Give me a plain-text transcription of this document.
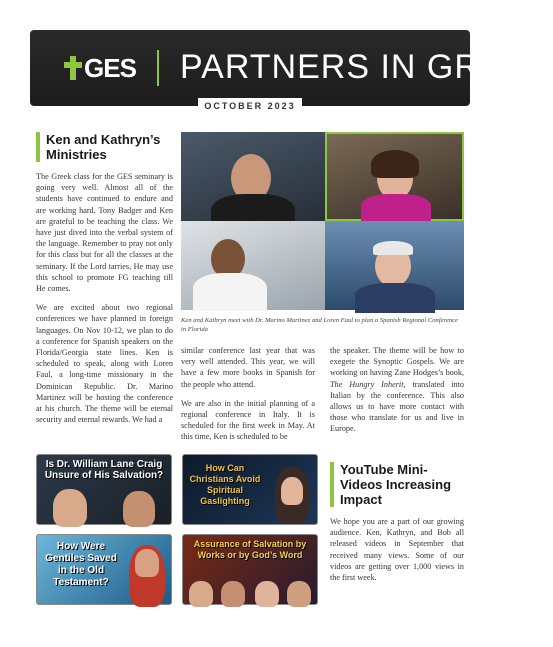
GES PARTNERS IN GRACE
OCTOBER 2023
Ken and Kathryn’s Ministries

The Greek class for the GES seminary is going very well. Almost all of the students have continued to endure and are working hard. Tony Badger and Ken are grateful to be teaching the class. We have just dived into the verbal system of the language. Remember to pray not only for this class but for all the classes at the seminary. If the Lord tarries, He may use this school to promote FG teaching till He comes.

We are excited about two regional conferences we have planned in foreign languages. On Nov 10-12, we plan to do a conference for Spanish speakers on the Florida/Georgia state lines. Ken is scheduled to speak, along with Loren Faul, a long-time missionary in the Dominican Republic. Dr. Marino Martinez will be hosting the conference at his church. The theme will be eternal security and eternal rewards. We had a

Ken and Kathryn meet with Dr. Marino Martinez and Loren Faul to plan a Spanish Regional Conference in Florida

similar conference last year that was very well attended. This year, we will have a few more books in Spanish for the people who attend.

We are also in the initial planning of a regional conference in Italy. It is scheduled for the first week in May. At this time, Ken is scheduled to be

the speaker. The theme will be how to exegete the Synoptic Gospels. We are working on having Zane Hodges’s book, The Hungry Inherit, translated into Italian by the conference. This also allows us to have more contact with those who translate for us and live in Europe.

Is Dr. William Lane Craig Unsure of His Salvation?
How Can Christians Avoid Spiritual Gaslighting
How Were Gentiles Saved in the Old Testament?
Assurance of Salvation by Works or by God’s Word
YouTube Mini-Videos Increasing Impact

We hope you are a part of our growing audience. Ken, Kathryn, and Bob all released videos in September that received many views. Some of our videos are getting over 1,000 views in the first week.
